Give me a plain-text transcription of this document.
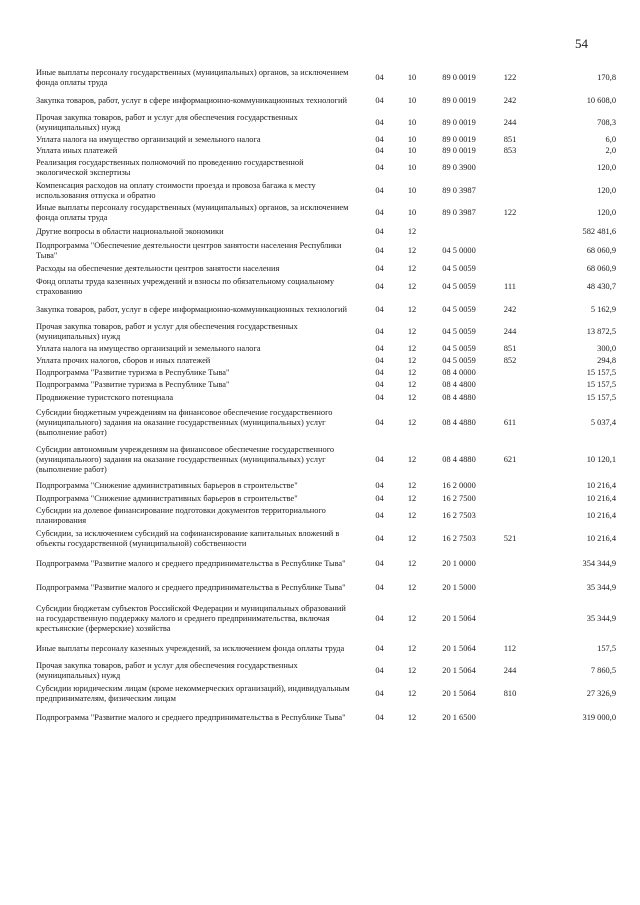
54
Иные выплаты персоналу государственных (муниципальных) органов, за исключением фонда оплаты труда	04	10	89 0 0019	122	170,8
Закупка товаров, работ, услуг в сфере информационно-коммуникационных технологий	04	10	89 0 0019	242	10 608,0
Прочая закупка товаров, работ и услуг для обеспечения государственных (муниципальных) нужд	04	10	89 0 0019	244	708,3
Уплата налога на имущество организаций и земельного налога	04	10	89 0 0019	851	6,0
Уплата иных платежей	04	10	89 0 0019	853	2,0
Реализация государственных полномочий по проведению государственной экологической экспертизы	04	10	89 0 3900		120,0
Компенсация расходов на оплату стоимости проезда и провоза багажа к месту использования отпуска и обратно	04	10	89 0 3987		120,0
Иные выплаты персоналу государственных (муниципальных) органов, за исключением фонда оплаты труда	04	10	89 0 3987	122	120,0
Другие вопросы в области национальной экономики	04	12			582 481,6
Подпрограмма "Обеспечение деятельности центров занятости населения Республики Тыва"	04	12	04 5 0000		68 060,9
Расходы на обеспечение деятельности центров занятости населения	04	12	04 5 0059		68 060,9
Фонд оплаты труда казенных учреждений и взносы по обязательному социальному страхованию	04	12	04 5 0059	111	48 430,7
Закупка товаров, работ, услуг в сфере информационно-коммуникационных технологий	04	12	04 5 0059	242	5 162,9
Прочая закупка товаров, работ и услуг для обеспечения государственных (муниципальных) нужд	04	12	04 5 0059	244	13 872,5
Уплата налога на имущество организаций и земельного налога	04	12	04 5 0059	851	300,0
Уплата прочих налогов, сборов и иных платежей	04	12	04 5 0059	852	294,8
Подпрограмма "Развитие туризма в Республике Тыва"	04	12	08 4 0000		15 157,5
Подпрограмма "Развитие туризма в Республике Тыва"	04	12	08 4 4800		15 157,5
Продвижение туристского потенциала	04	12	08 4 4880		15 157,5
Субсидии бюджетным учреждениям на финансовое обеспечение государственного (муниципального) задания на оказание государственных (муниципальных) услуг (выполнение работ)	04	12	08 4 4880	611	5 037,4
Субсидии автономным учреждениям на финансовое обеспечение государственного (муниципального) задания на оказание государственных (муниципальных) услуг (выполнение работ)	04	12	08 4 4880	621	10 120,1
Подпрограмма "Снижение административных барьеров в строительстве"	04	12	16 2 0000		10 216,4
Подпрограмма "Снижение административных барьеров в строительстве"	04	12	16 2 7500		10 216,4
Субсидии на долевое финансирование подготовки документов территориального планирования	04	12	16 2 7503		10 216,4
Субсидии, за исключением субсидий на софинансирование капитальных вложений в объекты государственной (муниципальной) собственности	04	12	16 2 7503	521	10 216,4
Подпрограмма "Развитие малого и среднего предпринимательства в Республике Тыва"	04	12	20 1 0000		354 344,9
Подпрограмма "Развитие малого и среднего предпринимательства в Республике Тыва"	04	12	20 1 5000		35 344,9
Субсидии бюджетам субъектов Российской Федерации и муниципальных образований на государственную поддержку малого и среднего предпринимательства, включая крестьянские (фермерские) хозяйства	04	12	20 1 5064		35 344,9
Иные выплаты персоналу казенных учреждений, за исключением фонда оплаты труда	04	12	20 1 5064	112	157,5
Прочая закупка товаров, работ и услуг для обеспечения государственных (муниципальных) нужд	04	12	20 1 5064	244	7 860,5
Субсидии юридическим лицам (кроме некоммерческих организаций), индивидуальным предпринимателям, физическим лицам	04	12	20 1 5064	810	27 326,9
Подпрограмма "Развитие малого и среднего предпринимательства в Республике Тыва"	04	12	20 1 6500		319 000,0
